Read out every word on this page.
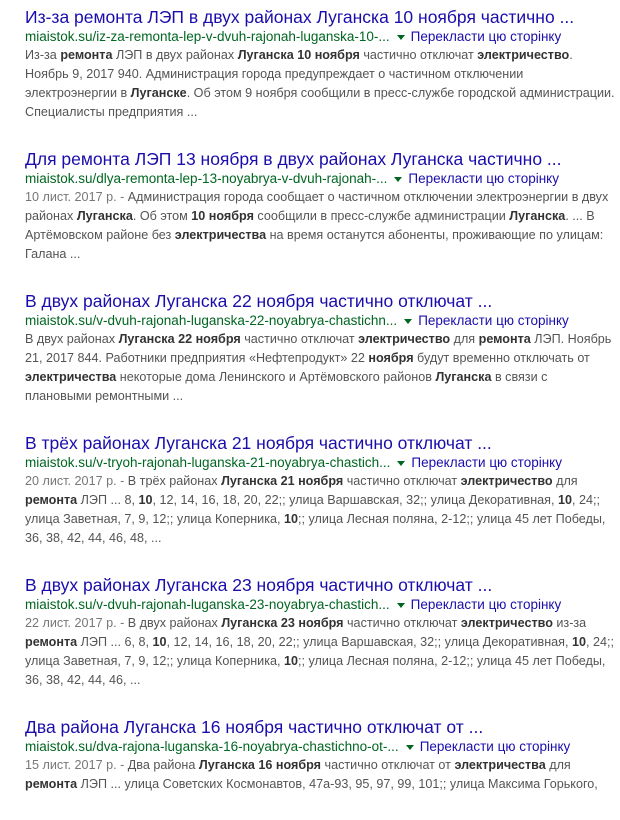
Из-за ремонта ЛЭП в двух районах Луганска 10 ноября частично ...
miaistok.su/iz-za-remonta-lep-v-dvuh-rajonah-luganska-10-... Перекласти цю сторінку

Из-за ремонта ЛЭП в двух районах Луганска 10 ноября частично отключат электричество. Ноябрь 9, 2017 940. Администрация города предупреждает о частичном отключении электроэнергии в Луганске. Об этом 9 ноября сообщили в пресс-службе городской администрации. Специалисты предприятия ...

Для ремонта ЛЭП 13 ноября в двух районах Луганска частично ...
miaistok.su/dlya-remonta-lep-13-noyabrya-v-dvuh-rajonah-... Перекласти цю сторінку

10 лист. 2017 р. - Администрация города сообщает о частичном отключении электроэнергии в двух районах Луганска. Об этом 10 ноября сообщили в пресс-службе администрации Луганска. ... В Артёмовском районе без электричества на время останутся абоненты, проживающие по улицам: Галана ...

В двух районах Луганска 22 ноября частично отключат ...
miaistok.su/v-dvuh-rajonah-luganska-22-noyabrya-chastichn... Перекласти цю сторінку

В двух районах Луганска 22 ноября частично отключат электричество для ремонта ЛЭП. Ноябрь 21, 2017 844. Работники предприятия «Нефтепродукт» 22 ноября будут временно отключать от электричества некоторые дома Ленинского и Артёмовского районов Луганска в связи с плановыми ремонтными ...

В трёх районах Луганска 21 ноября частично отключат ...
miaistok.su/v-tryoh-rajonah-luganska-21-noyabrya-chastich... Перекласти цю сторінку

20 лист. 2017 р. - В трёх районах Луганска 21 ноября частично отключат электричество для ремонта ЛЭП ... 8, 10, 12, 14, 16, 18, 20, 22;; улица Варшавская, 32;; улица Декоративная, 10, 24;; улица Заветная, 7, 9, 12;; улица Коперника, 10;; улица Лесная поляна, 2-12;; улица 45 лет Победы, 36, 38, 42, 44, 46, 48, ...

В двух районах Луганска 23 ноября частично отключат ...
miaistok.su/v-dvuh-rajonah-luganska-23-noyabrya-chastich... Перекласти цю сторінку

22 лист. 2017 р. - В двух районах Луганска 23 ноября частично отключат электричество из-за ремонта ЛЭП ... 6, 8, 10, 12, 14, 16, 18, 20, 22;; улица Варшавская, 32;; улица Декоративная, 10, 24;; улица Заветная, 7, 9, 12;; улица Коперника, 10;; улица Лесная поляна, 2-12;; улица 45 лет Победы, 36, 38, 42, 44, 46, ...

Два района Луганска 16 ноября частично отключат от ...
miaistok.su/dva-rajona-luganska-16-noyabrya-chastichno-ot-... Перекласти цю сторінку

15 лист. 2017 р. - Два района Луганска 16 ноября частично отключат от электричества для ремонта ЛЭП ... улица Советских Космонавтов, 47а-93, 95, 97, 99, 101;; улица Максима Горького,
